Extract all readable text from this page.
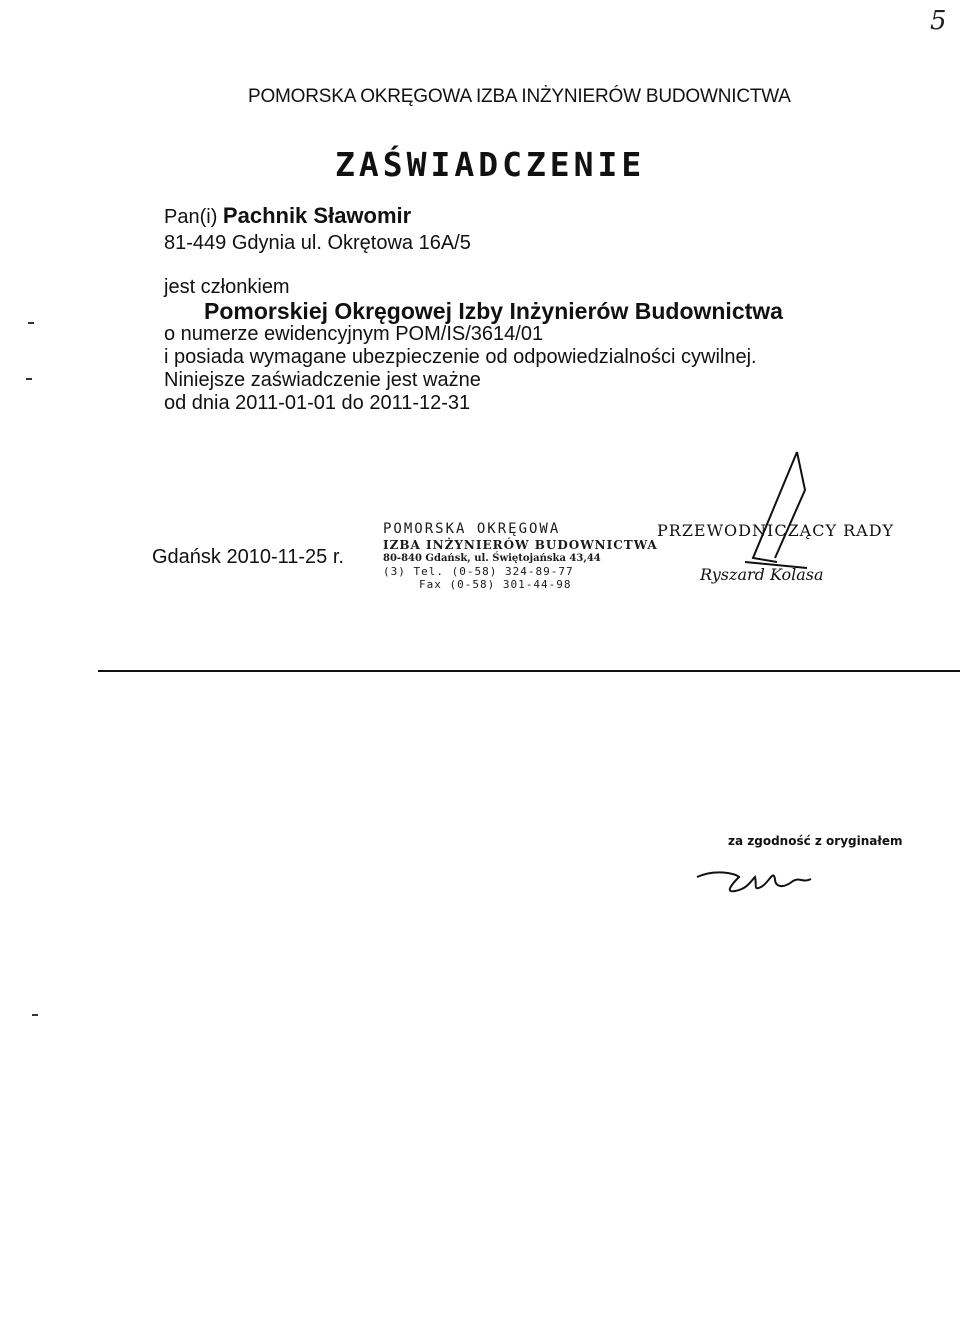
5
POMORSKA OKRĘGOWA IZBA INŻYNIERÓW BUDOWNICTWA
ZAŚWIADCZENIE
Pan(i) Pachnik Sławomir
81-449 Gdynia ul. Okrętowa 16A/5
jest członkiem
Pomorskiej Okręgowej Izby Inżynierów Budownictwa
o numerze ewidencyjnym POM/IS/3614/01
i posiada wymagane ubezpieczenie od odpowiedzialności cywilnej.
Niniejsze zaświadczenie jest ważne
od dnia 2011-01-01 do 2011-12-31
Gdańsk 2010-11-25 r.
POMORSKA OKRĘGOWA
IZBA INŻYNIERÓW BUDOWNICTWA
80-840 Gdańsk, ul. Świętojańska 43,44
(3) Tel. (0-58) 324-89-77
Fax (0-58) 301-44-98
PRZEWODNICZĄCY RADY
Ryszard Kolasa
za zgodność z oryginałem
